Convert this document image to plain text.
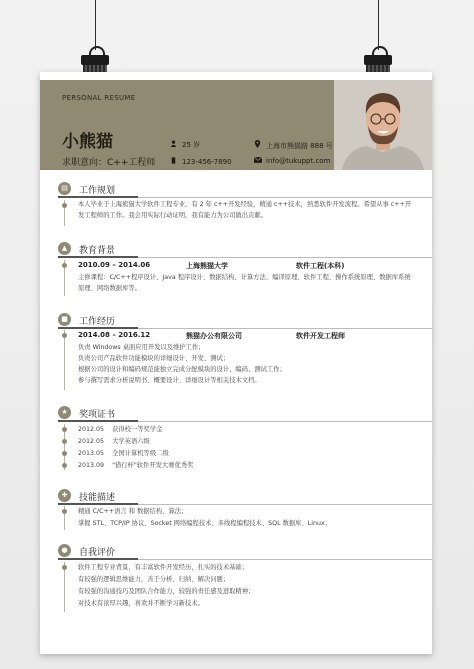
PERSONAL RESUME
小熊猫
求职意向：C++工程师
25 岁
123-456-7890
上海市熊猫路 888 号
info@tukuppt.com
▤	工作规划
本人毕业于上海熊猫大学软件工程专业，有 2 年 c++开发经验，精通 c++技术，熟悉软件开发流程。希望从事 c++开发工程师的工作。我会用实际行动证明，我有能力为公司做出贡献。
▲	教育背景
2010.09 – 2014.06	上海熊猫大学	软件工程(本科)
主修课程：C/C++程序设计、Java 程序设计、数据结构、计算方法、编译原理、软件工程、操作系统原理、数据库系统原理、网络数据库等。
■	工作经历
2014.08 – 2016.12	熊猫办公有限公司	软件开发工程师
负责 Windows 桌面应用开发以及维护工作；
负责公司产品软件功能模块的详细设计、开发、测试；
根据公司的设计和编码规范能独立完成分配模块的设计、编码、测试工作；
参与撰写需求分析说明书、概要设计、详细设计等相关技术文档。
★	奖项证书
2012.05 获得校一等奖学金
2012.05 大学英语六级
2013.05 全国计算机等级二级
2013.09 "猎行杯"软件开发大赛优秀奖
✚	技能描述
精通 C/C++语言 和 数据结构、算法；
掌握 STL、TCP/IP 协议、Socket 网络编程技术、多线程编程技术、SQL 数据库、Linux；
●	自我评价
软件工程专业背景，有丰富软件开发经历，扎实的技术基础；
有较强的逻辑思维能力，善于分析、归纳、解决问题；
有较强的沟通技巧及团队合作能力，较强的责任感及进取精神；
对技术有浓厚兴趣，喜欢并不断学习新技术。
